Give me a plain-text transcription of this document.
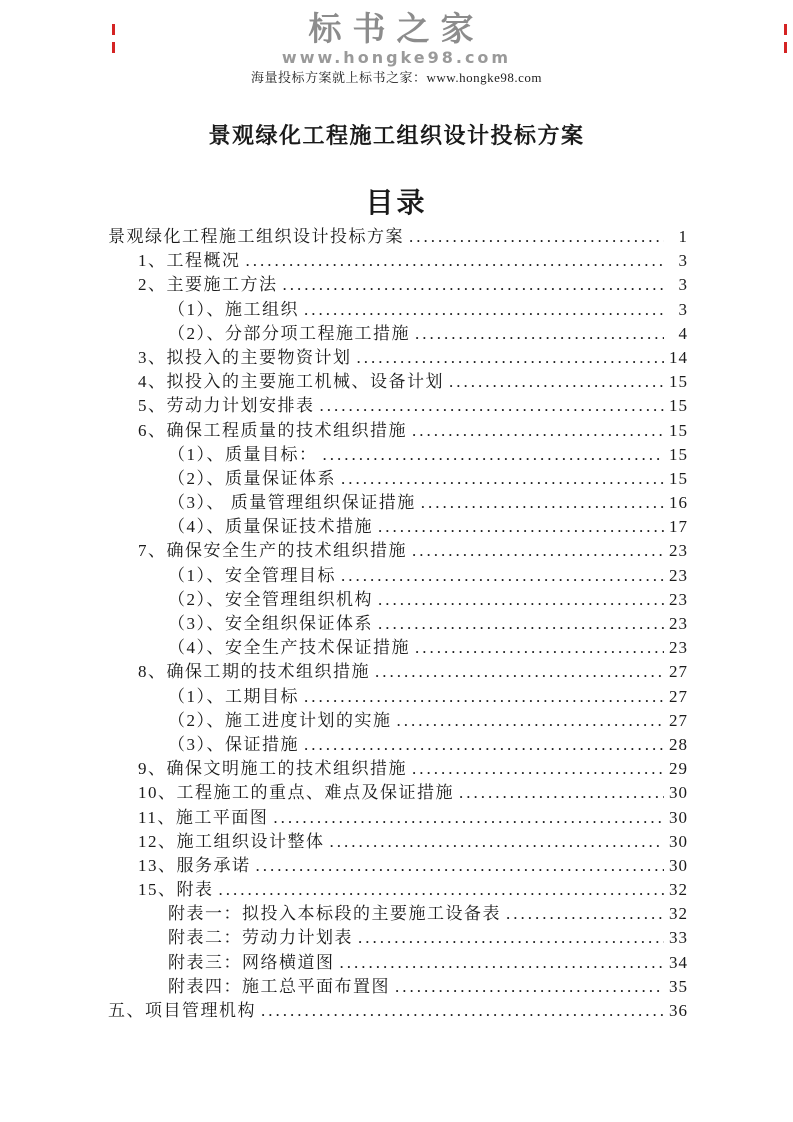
标书之家
www.hongke98.com
海量投标方案就上标书之家：www.hongke98.com
景观绿化工程施工组织设计投标方案
目录
景观绿化工程施工组织设计投标方案 .....	1
1、工程概况 .....	3
2、主要施工方法 .....	3
（1）、施工组织 .....	3
（2）、分部分项工程施工措施 .....	4
3、拟投入的主要物资计划 .....	14
4、拟投入的主要施工机械、设备计划 .....	15
5、劳动力计划安排表 .....	15
6、确保工程质量的技术组织措施 .....	15
（1）、质量目标： .....	15
（2）、质量保证体系 .....	15
（3）、 质量管理组织保证措施 .....	16
（4）、质量保证技术措施 .....	17
7、确保安全生产的技术组织措施 .....	23
（1）、安全管理目标 .....	23
（2）、安全管理组织机构 .....	23
（3）、安全组织保证体系 .....	23
（4）、安全生产技术保证措施 .....	23
8、确保工期的技术组织措施 .....	27
（1）、工期目标 .....	27
（2）、施工进度计划的实施 .....	27
（3）、保证措施 .....	28
9、确保文明施工的技术组织措施 .....	29
10、工程施工的重点、难点及保证措施 .....	30
11、施工平面图 .....	30
12、施工组织设计整体 .....	30
13、服务承诺 .....	30
15、附表 .....	32
附表一：拟投入本标段的主要施工设备表 .....	32
附表二：劳动力计划表 .....	33
附表三：网络横道图 .....	34
附表四：施工总平面布置图 .....	35
五、项目管理机构 .....	36
